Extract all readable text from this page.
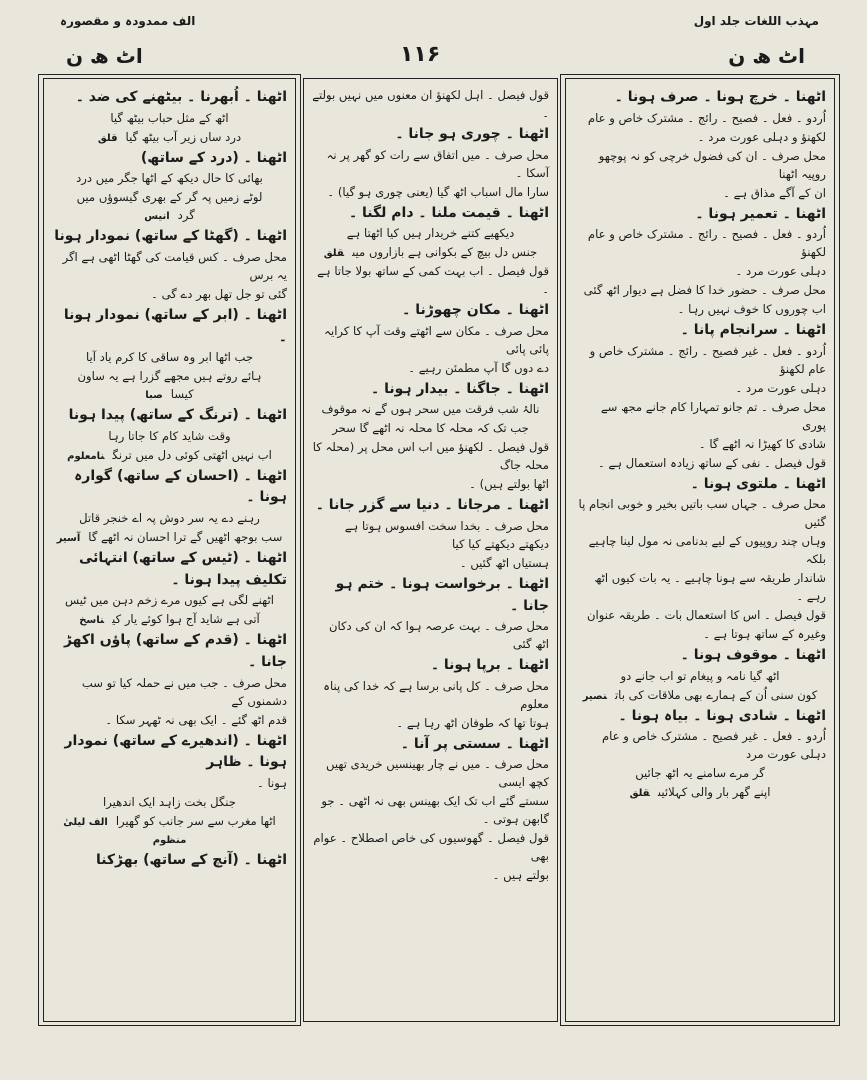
مہذب اللغات جلد اول
الف ممدودہ و مقصورہ
اٹ ھ ن
۱۱۶
اٹ ھ ن
اٹھنا ۔ خرچ ہونا ۔ صرف ہونا ۔
اُردو ۔ فعل ۔ فصیح ۔ رائج ۔ مشترک خاص و عام
لکھنؤ و دہلی عورت مرد ۔
محل صرف ۔ ان کی فضول خرچی کو نہ پوچھو روپیہ اٹھنا
ان کے آگے مذاق ہے ۔
اٹھنا ۔ تعمیر ہونا ۔
اُردو ۔ فعل ۔ فصیح ۔ رائج ۔ مشترک خاص و عام لکھنؤ
دہلی عورت مرد ۔
محل صرف ۔ حضور خدا کا فضل ہے دیوار اٹھ گئی
اب چوروں کا خوف نہیں رہا ۔
اٹھنا ۔ سرانجام پانا ۔
اُردو ۔ فعل ۔ غیر فصیح ۔ رائج ۔ مشترک خاص و عام لکھنؤ
دہلی عورت مرد ۔
محل صرف ۔ تم جانو تمہارا کام جانے مجھ سے پوری
شادی کا کھیڑا نہ اٹھے گا ۔
قول فیصل ۔ نفی کے ساتھ زیادہ استعمال ہے ۔
اٹھنا ۔ ملتوی ہونا ۔
محل صرف ۔ جہاں سب باتیں بخیر و خوبی انجام پا گئیں
وہاں چند روپیوں کے لیے بدنامی نہ مول لینا چاہیے بلکہ
شاندار طریقہ سے ہونا چاہیے ۔ یہ بات کیوں اٹھ رہے ۔
قول فیصل ۔ اس کا استعمال بات ۔ طریقہ عنوان
وغیرہ کے ساتھ ہوتا ہے ۔
اٹھنا ۔ موقوف ہونا ۔
اٹھ گیا نامہ و پیغام تو اب جانے دو
کون سنی اُن کے ہمارے بھی ملاقات کی باتنصیر
اٹھنا ۔ شادی ہونا ۔ بیاہ ہونا ۔
اُردو ۔ فعل ۔ غیر فصیح ۔ مشترک خاص و عام دہلی عورت مرد
گر مرے سامنے یہ اٹھ جائیں
اپنے گھر بار والی کہلائیںقلق
قول فیصل ۔ اہل لکھنؤ ان معنوں میں نہیں بولتے ۔
اٹھنا ۔ چوری ہو جانا ۔
محل صرف ۔ میں اتفاق سے رات کو گھر پر نہ آسکا ۔
سارا مال اسباب اٹھ گیا (یعنی چوری ہو گیا) ۔
اٹھنا ۔ قیمت ملنا ۔ دام لگنا ۔
دیکھیے کتنے خریدار ہیں کیا اٹھتا ہے
جنس دل بیچ کے بکوانی ہے بازاروں میںقلق
قول فیصل ۔ اب بہت کمی کے ساتھ بولا جاتا ہے ۔
اٹھنا ۔ مکان چھوڑنا ۔
محل صرف ۔ مکان سے اٹھتے وقت آپ کا کرایہ پائی پائی
دے دوں گا آپ مطمئن رہیے ۔
اٹھنا ۔ جاگنا ۔ بیدار ہونا ۔
نالۂ شب فرقت میں سحر ہوں گے نہ موقوف
جب تک کہ محلہ کا محلہ نہ اٹھے گا سحر
قول فیصل ۔ لکھنؤ میں اب اس محل پر (محلہ کا محلہ جاگ
اٹھا بولتے ہیں) ۔
اٹھنا ۔ مرجانا ۔ دنیا سے گزر جانا ۔
محل صرف ۔ بخدا سخت افسوس ہوتا ہے دیکھتے دیکھتے کیا کیا
ہستیاں اٹھ گئیں ۔
اٹھنا ۔ برخواست ہونا ۔ ختم ہو جانا ۔
محل صرف ۔ بہت عرصہ ہوا کہ ان کی دکان اٹھ گئی
اٹھنا ۔ برپا ہونا ۔
محل صرف ۔ کل پانی برسا ہے کہ خدا کی پناہ معلوم
ہوتا تھا کہ طوفان اٹھ رہا ہے ۔
اٹھنا ۔ سستی پر آنا ۔
محل صرف ۔ میں نے چار بھینسیں خریدی تھیں کچھ ایسی
سستے گئے اب تک ایک بھینس بھی نہ اٹھی ۔ جو گابھن ہوتی ۔
قول فیصل ۔ گھوسیوں کی خاص اصطلاح ۔ عوام بھی
بولتے ہیں ۔
اٹھنا ۔ اُبھرنا ۔ بیٹھنے کی ضد ۔
اٹھ کے مثل حباب بیٹھ گیا
درد ساں زیر آب بیٹھ گیاقلق
اٹھنا ۔ (درد کے ساتھ)
بھائی کا حال دیکھ کے اٹھا جگر میں درد
لوٹے زمیں پہ گر کے بھری گیسوؤں میں گردانیس
اٹھنا ۔ (گھٹا کے ساتھ) نمودار ہونا
محل صرف ۔ کس قیامت کی گھٹا اٹھی ہے اگر یہ برس
گئی تو جل تھل بھر دے گی ۔
اٹھنا ۔ (ابر کے ساتھ) نمودار ہونا ۔
جب اٹھا ابر وہ ساقی کا کرم یاد آیا
ہائے روتے ہیں مجھے گزرا ہے یہ ساون کیساصبا
اٹھنا ۔ (ترنگ کے ساتھ) پیدا ہونا
وقت شاید کام کا جاتا رہا
اب نہیں اٹھتی کوئی دل میں ترنگنامعلوم
اٹھنا ۔ (احسان کے ساتھ) گوارہ ہونا ۔
رہنے دے یہ سر دوش پہ اے خنجر قاتل
سب بوجھ اٹھیں گے ترا احسان نہ اٹھے گاآسیر
اٹھنا ۔ (ٹیس کے ساتھ) انتہائی تکلیف پیدا ہونا ۔
اٹھنے لگی ہے کیوں مرے زخم دہن میں ٹیس
آتی ہے شاید آج ہوا کوئے یار کیناسخ
اٹھنا ۔ (قدم کے ساتھ) پاؤں اکھڑ جانا ۔
محل صرف ۔ جب میں نے حملہ کیا تو سب دشمنوں کے
قدم اٹھ گئے ۔ ایک بھی نہ ٹھہر سکا ۔
اٹھنا ۔ (اندھیرے کے ساتھ) نمودار ہونا ۔ ظاہر
ہونا ۔
جنگل بخت زاہد ایک اندھیرا
اٹھا مغرب سے سر جانب کو گھیراالف لیلیٰ منظوم
اٹھنا ۔ (آنچ کے ساتھ) بھڑکنا
